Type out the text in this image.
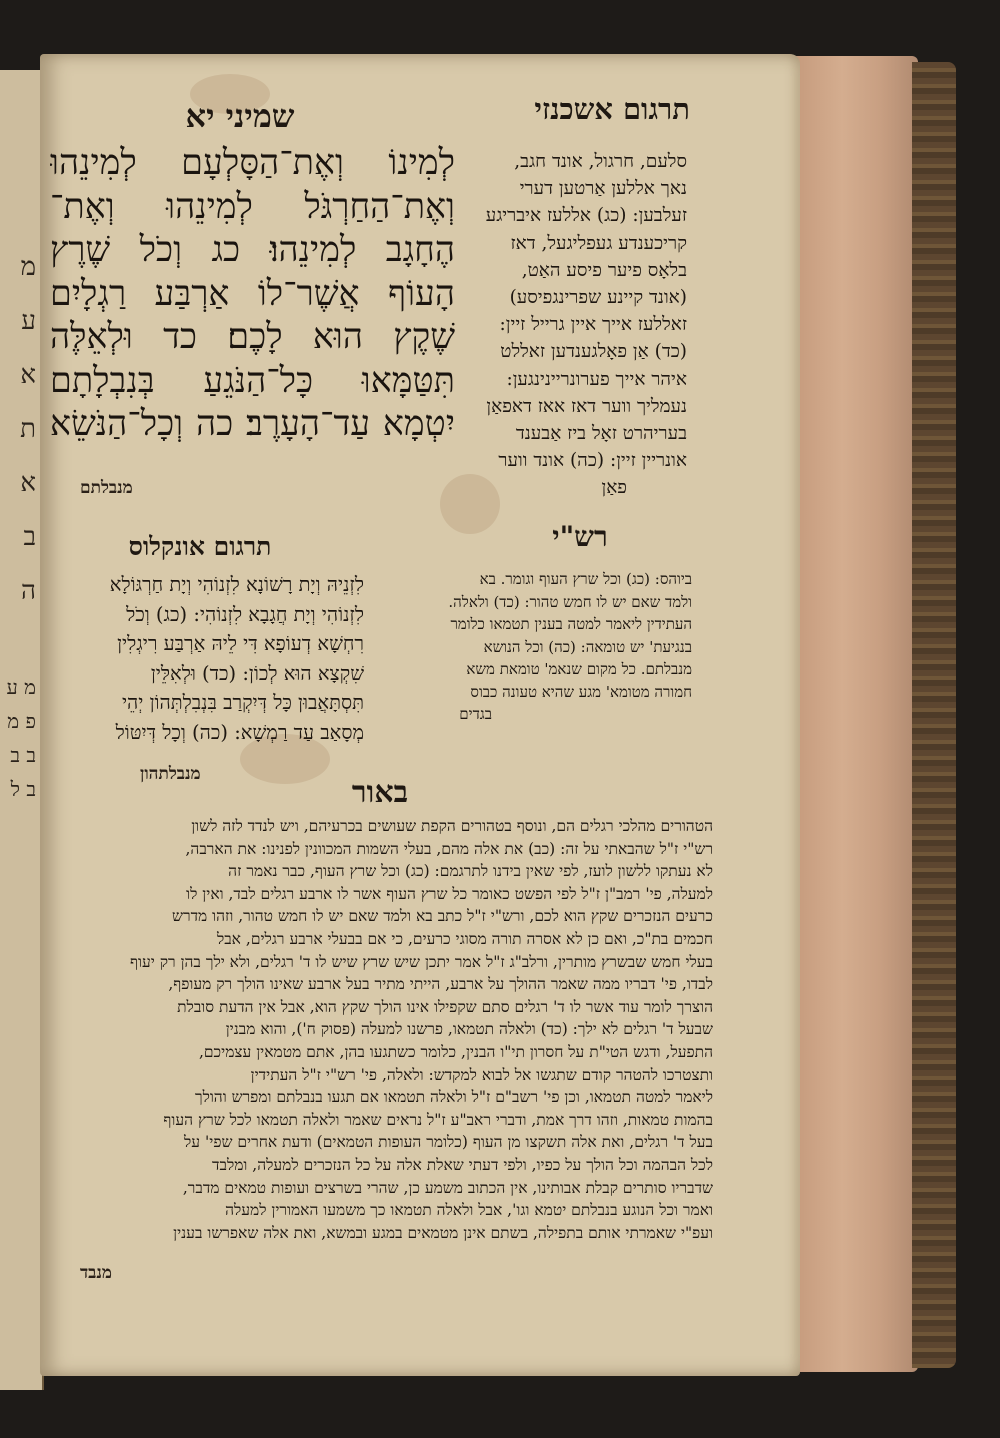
מ ע א ת א ב ה
מ ע פ מ ב ב ב ל
תרגום אשכנזי
שמיני יא
לְמִינוֹ וְאֶת־הַסָּלְעָם לְמִינֵהוּ
וְאֶת־הַחַרְגֹּל לְמִינֵהוּ וְאֶת־
הֶחָגָב לְמִינֵהוּ׃ כג וְכֹל שֶׁרֶץ
הָעוֹף אֲשֶׁר־לוֹ אַרְבַּע רַגְלָיִם
שֶׁקֶץ הוּא לָכֶם׃ כד וּלְאֵלֶּה
תִּטַּמָּאוּ כָּל־הַנֹּגֵעַ בְּנִבְלָתָם
יִטְמָא עַד־הָעָרֶב׃ כה וְכָל־הַנֹּשֵׂא
מנבלתם
סלעם, חרגול, אונד חגב,
נאך אללען אַרטען דערי
זעלבען: (כג) אללעז איבריגע
קריכענדע געפליגעל, דאז
בלאָס פיער פיסע האַט,
(אונד קיינע שפרינגפיסע)
זאללעז אייך איין גרייל זיין:
(כד) אַן פאָלגענדען זאללט
איהר אייך פערונריינינגען:
נעמליך ווער דאז אאז דאפאַן
בעריהרט זאָל ביז אַבענד
אונריין זיין: (כה) אונד ווער
פאַן
רש"י
תרגום אונקלוס
ביוהס: (כג) וכל שרץ העוף וגומר. בא
ולמד שאם יש לו חמש טהור: (כד) ולאלה.
העתידין ליאמר למטה בענין תטמאו כלומר
בנגיעת' יש טומאה: (כה) וכל הנושא
מנבלתם. כל מקום שנאמ' טומאת משא
חמורה מטומא' מגע שהיא טעונה כבוס
בגדים
לִזְנֵיהּ וְיָת רָשׁוֹנָא לִזְנוֹהִי וְיָת חַרְגּוֹלָא
לִזְנוֹהִי וְיָת חֲגָבָא לִזְנוֹהִי: (כג) וְכֹל
רִחְשָׁא דְעוֹפָא דִּי לֵיהּ אַרְבַּע רִיגְלִין
שִׁקְצָא הוּא לְכוֹן: (כד) וּלְאִלֵּין
תִּסְתָּאֲבוּן כָּל דְּיִקְרַב בִּנְבִלְתְּהוֹן יְהֵי
מְסָאַב עַד רַמְשָׁא: (כה) וְכָל דְּיִטּוֹל
מנבלתהון
באור
הטהורים מהלכי רגלים הם, ונוסף בטהורים הקפת שעושים בכרעיהם, ויש לנדד לזה לשון
רש"י ז"ל שהבאתי על זה: (כב) את אלה מהם, בעלי השמות המכוונין לפנינו: את הארבה,
לא נעתקו ללשון לועז, לפי שאין בידנו לתרגמם: (כג) וכל שרץ העוף, כבר נאמר זה
למעלה, פי' רמב"ן ז"ל לפי הפשט כאומר כל שרץ העוף אשר לו ארבע רגלים לבד, ואין לו
כרעים הנזכרים שקץ הוא לכם, ורש"י ז"ל כתב בא ולמד שאם יש לו חמש טהור, וזהו מדרש
חכמים בת"כ, ואם כן לא אסרה תורה מסוגי כרעים, כי אם בבעלי ארבע רגלים, אבל
בעלי חמש שבשרץ מותרין, ורלב"ג ז"ל אמר יתכן שיש שרץ שיש לו ד' רגלים, ולא ילך בהן רק יעוף
לבדו, פי' דבריו ממה שאמר ההולך על ארבע, הייתי מתיר בעל ארבע שאינו הולך רק מעופף,
הוצרך לומר עוד אשר לו ד' רגלים סתם שקפילו אינו הולך שקץ הוא, אבל אין הדעת סובלת
שבעל ד' רגלים לא ילך: (כד) ולאלה תטמאו, פרשנו למעלה (פסוק ח'), והוא מבנין
התפעל, ודגש הטי"ת על חסרון תי"ו הבנין, כלומר כשתגעו בהן, אתם מטמאין עצמיכם,
ותצטרכו להטהר קודם שתגשו אל לבוא למקדש: ולאלה, פי' רש"י ז"ל העתידין
ליאמר למטה תטמאו, וכן פי' רשב"ם ז"ל ולאלה תטמאו אם תגעו בנבלתם ומפרש והולך
בהמות טמאות, וזהו דרך אמת, ודברי ראב"ע ז"ל נראים שאמר ולאלה תטמאו לכל שרץ העוף
בעל ד' רגלים, ואת אלה תשקצו מן העוף (כלומר העופות הטמאים) ודעת אחרים שפי' על
לכל הבהמה וכל הולך על כפיו, ולפי דעתי שאלת אלה על כל הנזכרים למעלה, ומלבד
שדבריו סותרים קבלת אבותינו, אין הכתוב משמע כן, שהרי בשרצים ועופות טמאים מדבר,
ואמר וכל הנוגע בנבלתם יטמא וגו', אבל ולאלה תטמאו כך משמעו האמורין למעלה
ועפ"י שאמרתי אותם בתפילה, בשתם אינן מטמאים במגע ובמשא, ואת אלה שאפרשו בענין
מנבד
